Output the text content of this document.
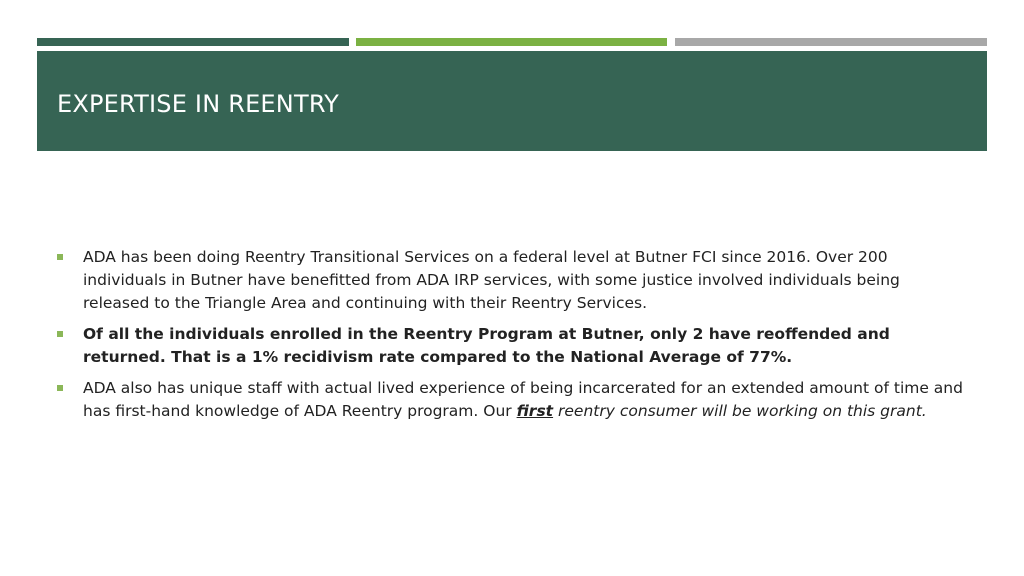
EXPERTISE IN REENTRY
ADA has been doing Reentry Transitional Services on a federal level at Butner FCI since 2016. Over 200 individuals in Butner have benefitted from ADA IRP services, with some justice involved individuals being released to the Triangle Area and continuing with their Reentry Services.
Of all the individuals enrolled in the Reentry Program at Butner, only 2 have reoffended and returned. That is a 1% recidivism rate compared to the National Average of 77%.
ADA also has unique staff with actual lived experience of being incarcerated for an extended amount of time and has first-hand knowledge of ADA Reentry program. Our first reentry consumer will be working on this grant.
